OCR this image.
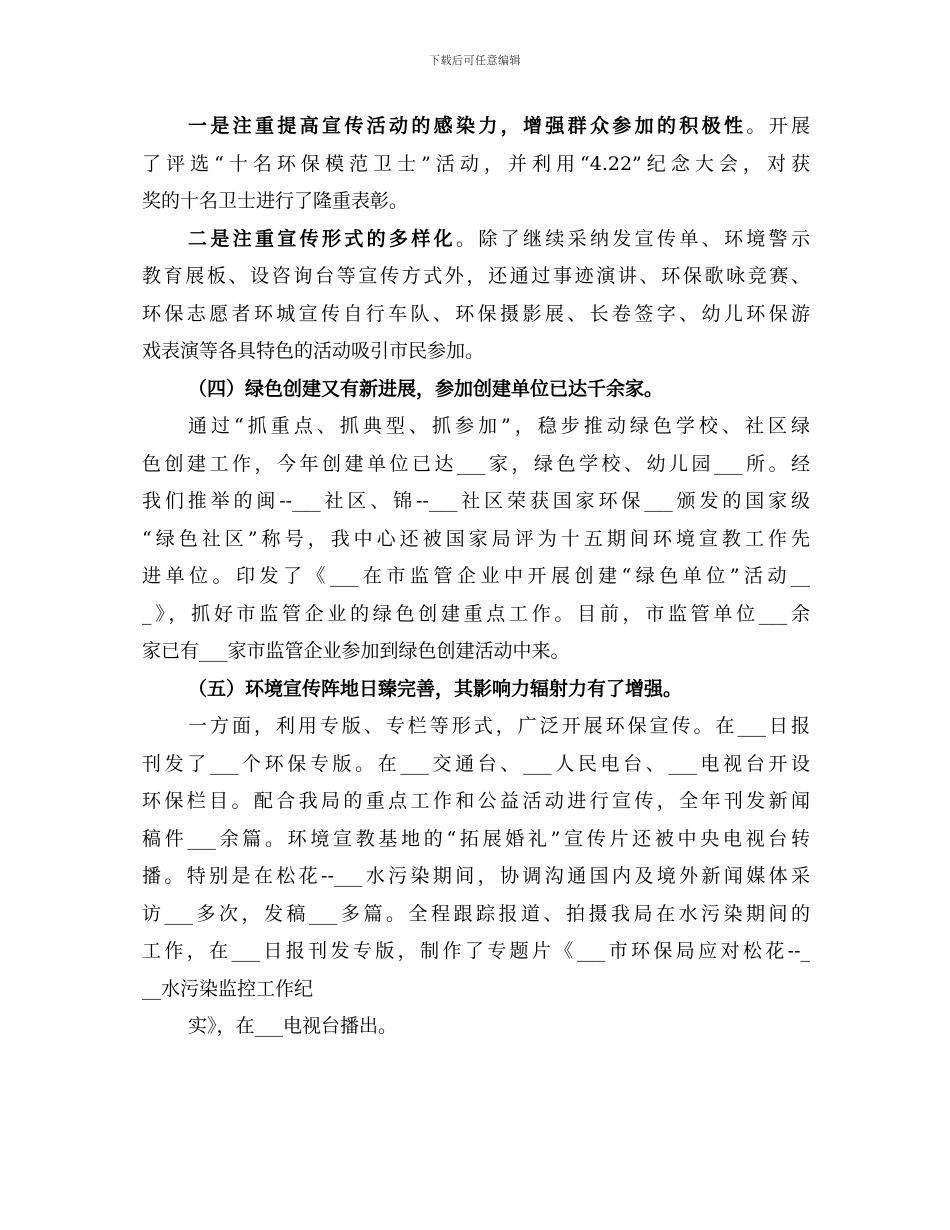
下载后可任意编辑
一是注重提高宣传活动的感染力，增强群众参加的积极性。开展
了评选“十名环保模范卫士”活动，并利用“4.22”纪念大会，对获
奖的十名卫士进行了隆重表彰。
二是注重宣传形式的多样化。除了继续采纳发宣传单、环境警示
教育展板、设咨询台等宣传方式外，还通过事迹演讲、环保歌咏竞赛、
环保志愿者环城宣传自行车队、环保摄影展、长卷签字、幼儿环保游
戏表演等各具特色的活动吸引市民参加。
（四）绿色创建又有新进展，参加创建单位已达千余家。
通过“抓重点、抓典型、抓参加”，稳步推动绿色学校、社区绿
色创建工作，今年创建单位已达___家，绿色学校、幼儿园___所。经
我们推举的闽--___社区、锦--___社区荣获国家环保___颁发的国家级
“绿色社区”称号，我中心还被国家局评为十五期间环境宣教工作先
进单位。印发了《___在市监管企业中开展创建“绿色单位”活动__
_》，抓好市监管企业的绿色创建重点工作。目前，市监管单位___余
家已有___家市监管企业参加到绿色创建活动中来。
（五）环境宣传阵地日臻完善，其影响力辐射力有了增强。
一方面，利用专版、专栏等形式，广泛开展环保宣传。在___日报
刊发了___个环保专版。在___交通台、___人民电台、___电视台开设
环保栏目。配合我局的重点工作和公益活动进行宣传，全年刊发新闻
稿件___余篇。环境宣教基地的“拓展婚礼”宣传片还被中央电视台转
播。特别是在松花--___水污染期间，协调沟通国内及境外新闻媒体采
访___多次，发稿___多篇。全程跟踪报道、拍摄我局在水污染期间的
工作，在___日报刊发专版，制作了专题片《___市环保局应对松花--_
__水污染监控工作纪
实》，在___电视台播出。
